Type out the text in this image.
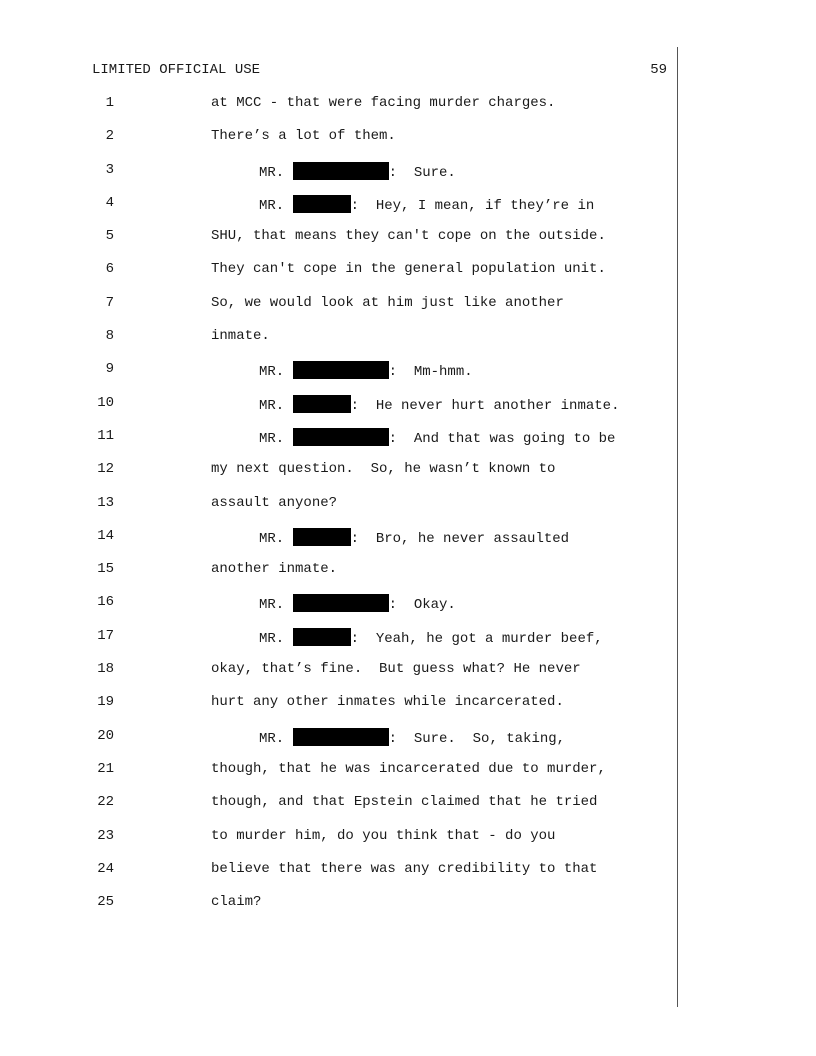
LIMITED OFFICIAL USE	59
1	at MCC - that were facing murder charges.
2	There’s a lot of them.
3	MR.	:  Sure.
4	MR.	:  Hey, I mean, if they’re in
5	SHU, that means they can't cope on the outside.
6	They can't cope in the general population unit.
7	So, we would look at him just like another
8	inmate.
9	MR.	:  Mm-hmm.
10	MR.	:  He never hurt another inmate.
11	MR.	:  And that was going to be
12	my next question.  So, he wasn’t known to
13	assault anyone?
14	MR.	:  Bro, he never assaulted
15	another inmate.
16	MR.	:  Okay.
17	MR.	:  Yeah, he got a murder beef,
18	okay, that’s fine.  But guess what? He never
19	hurt any other inmates while incarcerated.
20	MR.	:  Sure.  So, taking,
21	though, that he was incarcerated due to murder,
22	though, and that Epstein claimed that he tried
23	to murder him, do you think that - do you
24	believe that there was any credibility to that
25	claim?
